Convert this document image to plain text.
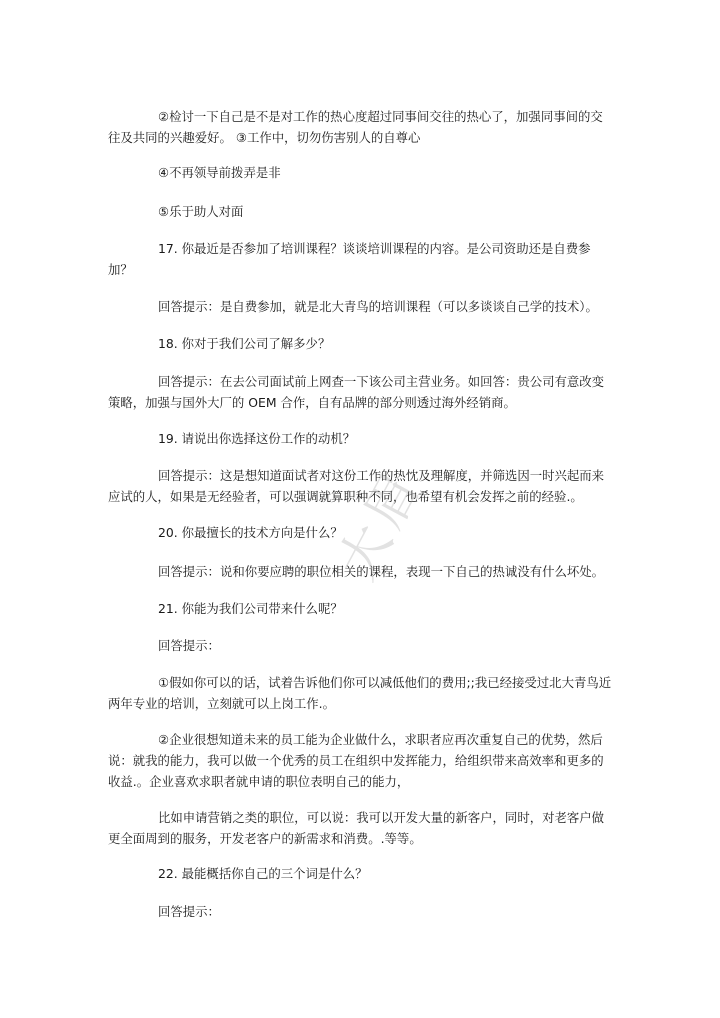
②检讨一下自己是不是对工作的热心度超过同事间交往的热心了，加强同事间的交往及共同的兴趣爱好。 ③工作中，切勿伤害别人的自尊心

④不再领导前拨弄是非

⑤乐于助人对面

17. 你最近是否参加了培训课程？谈谈培训课程的内容。是公司资助还是自费参加？

回答提示：是自费参加，就是北大青鸟的培训课程（可以多谈谈自己学的技术）。

18. 你对于我们公司了解多少？

回答提示：在去公司面试前上网查一下该公司主营业务。如回答：贵公司有意改变策略，加强与国外大厂的 OEM 合作，自有品牌的部分则透过海外经销商。

19. 请说出你选择这份工作的动机？

回答提示：这是想知道面试者对这份工作的热忱及理解度，并筛选因一时兴起而来应试的人，如果是无经验者，可以强调就算职种不同，也希望有机会发挥之前的经验.。

20. 你最擅长的技术方向是什么？

回答提示：说和你要应聘的职位相关的课程，表现一下自己的热诚没有什么坏处。

21. 你能为我们公司带来什么呢？

回答提示：

①假如你可以的话，试着告诉他们你可以减低他们的费用;;我已经接受过北大青鸟近两年专业的培训，立刻就可以上岗工作.。

②企业很想知道未来的员工能为企业做什么，求职者应再次重复自己的优势，然后说：就我的能力，我可以做一个优秀的员工在组织中发挥能力，给组织带来高效率和更多的收益.。企业喜欢求职者就申请的职位表明自己的能力，

比如申请营销之类的职位，可以说：我可以开发大量的新客户，同时，对老客户做更全面周到的服务，开发老客户的新需求和消费。.等等。

22. 最能概括你自己的三个词是什么？

回答提示：

大眉
